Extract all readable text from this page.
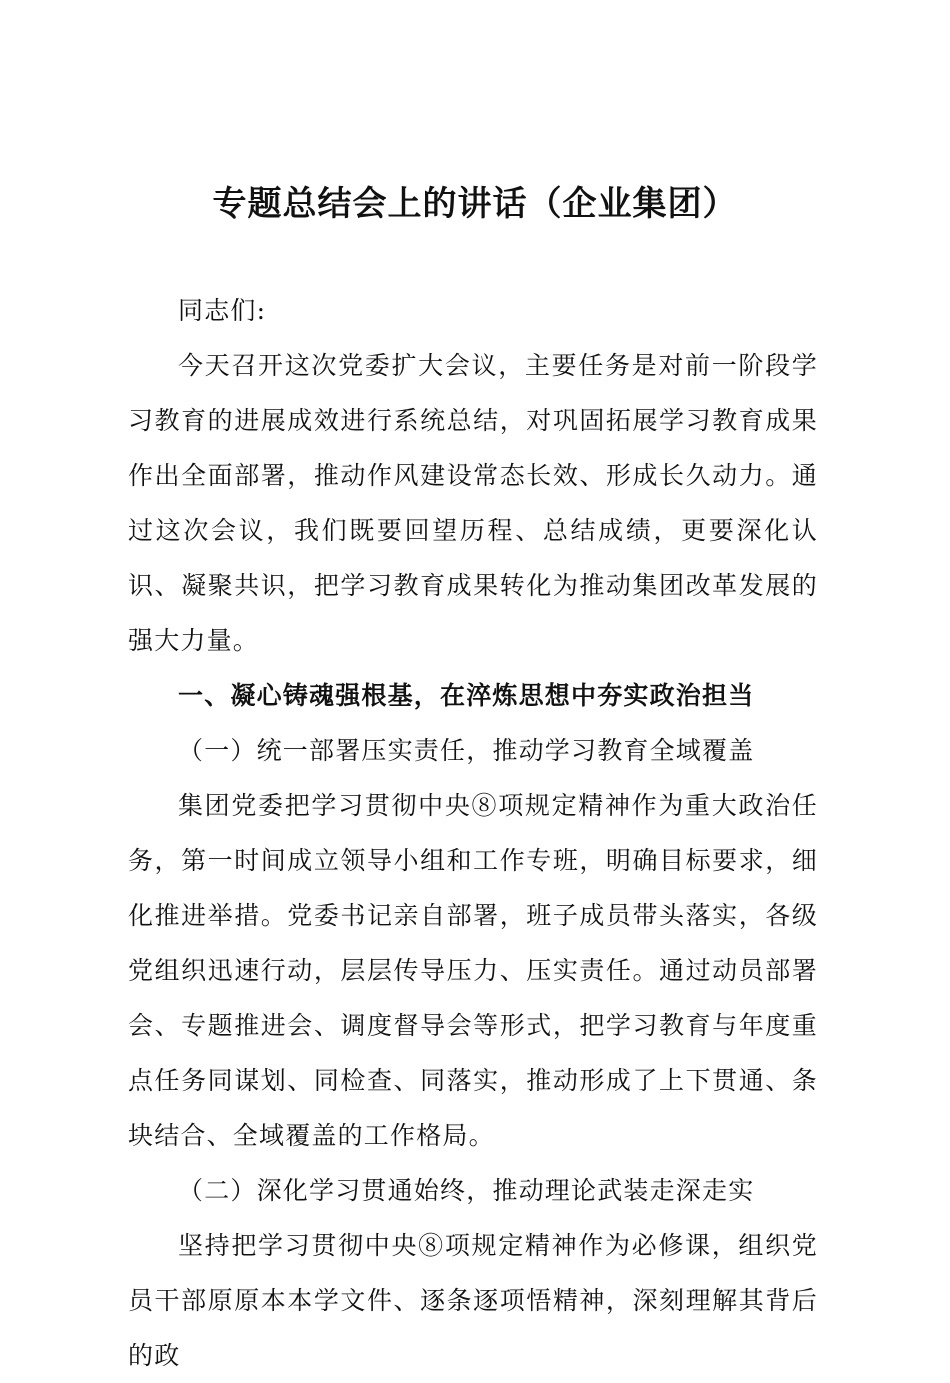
专题总结会上的讲话（企业集团）

同志们:

今天召开这次党委扩大会议，主要任务是对前一阶段学习教育的进展成效进行系统总结，对巩固拓展学习教育成果作出全面部署，推动作风建设常态长效、形成长久动力。通过这次会议，我们既要回望历程、总结成绩，更要深化认识、凝聚共识，把学习教育成果转化为推动集团改革发展的强大力量。

一、凝心铸魂强根基，在淬炼思想中夯实政治担当

（一）统一部署压实责任，推动学习教育全域覆盖

集团党委把学习贯彻中央⑧项规定精神作为重大政治任务，第一时间成立领导小组和工作专班，明确目标要求，细化推进举措。党委书记亲自部署，班子成员带头落实，各级党组织迅速行动，层层传导压力、压实责任。通过动员部署会、专题推进会、调度督导会等形式，把学习教育与年度重点任务同谋划、同检查、同落实，推动形成了上下贯通、条块结合、全域覆盖的工作格局。

（二）深化学习贯通始终，推动理论武装走深走实

坚持把学习贯彻中央⑧项规定精神作为必修课，组织党员干部原原本本学文件、逐条逐项悟精神，深刻理解其背后的政
